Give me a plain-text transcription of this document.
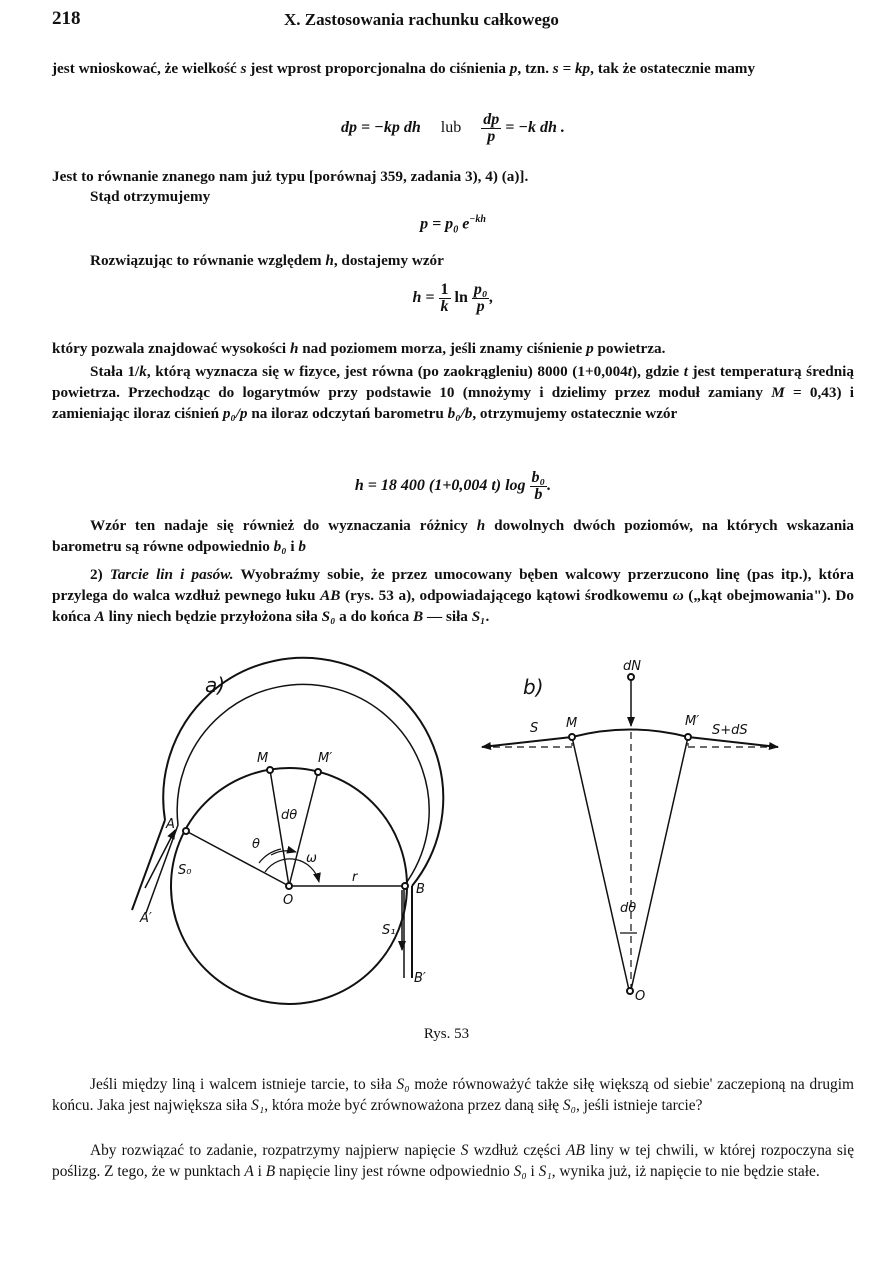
218	X. Zastosowania rachunku całkowego
jest wnioskować, że wielkość s jest wprost proporcjonalna do ciśnienia p, tzn. s = kp, tak że ostatecznie mamy
dp = −kp dh lub $\frac{dp}{p} = -k$ dh .
Jest to równanie znanego nam już typu [porównaj 359, zadania 3), 4) (a)].
Stąd otrzymujemy
$p = p_0$ $e^{-kh}$
Rozwiązując to równanie względem h, dostajemy wzór
$h = \frac{1}{k}$ $\ln \frac{\text{p₀}}{p}$ ,
który pozwala znajdować wysokości h nad poziomem morza, jeśli znamy ciśnienie p powietrza.
Stała 1/k, którą wyznacza się w fizyce, jest równa (po zaokrągleniu) 8000 (1+0,004t), gdzie t jest temperaturą średnią powietrza. Przechodząc do logarytmów przy podstawie 10 (mnożymy i dzielimy przez moduł zamiany M = 0,43) i zamieniając iloraz ciśnień p₀/p na iloraz odczytań barometru b₀/b, otrzymujemy ostatecznie wzór
h = 18 400 (1+0,004 t) $\log \frac{\text{b₀}}{b}$ .
Wzór ten nadaje się również do wyznaczania różnicy h dowolnych dwóch poziomów, na których wskazania barometru są równe odpowiednio b₀ i b
2) Tarcie lin i pasów. Wyobraźmy sobie, że przez umocowany bęben walcowy przerzucono linę (pas itp.), która przylega do walca wzdłuż pewnego łuku AB (rys. 53 a), odpowiadającego kątowi środkowemu ω („kąt obejmowania"). Do końca A liny niech będzie przyłożona siła S₀ a do końca B — siła S₁.
a)
M	M′
A
A′
S₀
dθ
θ
ω
O
r
B
S₁
B′
b)
dN
S M	M′
S+dS
dθ
O
Rys. 53
Jeśli między liną i walcem istnieje tarcie, to siła S₀ może równoważyć także siłę większą od siebie' zaczepioną na drugim końcu. Jaka jest największa siła S₁, która może być zrównoważona przez daną siłę S₀, jeśli istnieje tarcie?
Aby rozwiązać to zadanie, rozpatrzymy najpierw napięcie S wzdłuż części AB liny w tej chwili, w której rozpoczyna się poślizg. Z tego, że w punktach A i B napięcie liny jest równe odpowiednio S₀ i S₁, wynika już, iż napięcie to nie będzie stałe.
